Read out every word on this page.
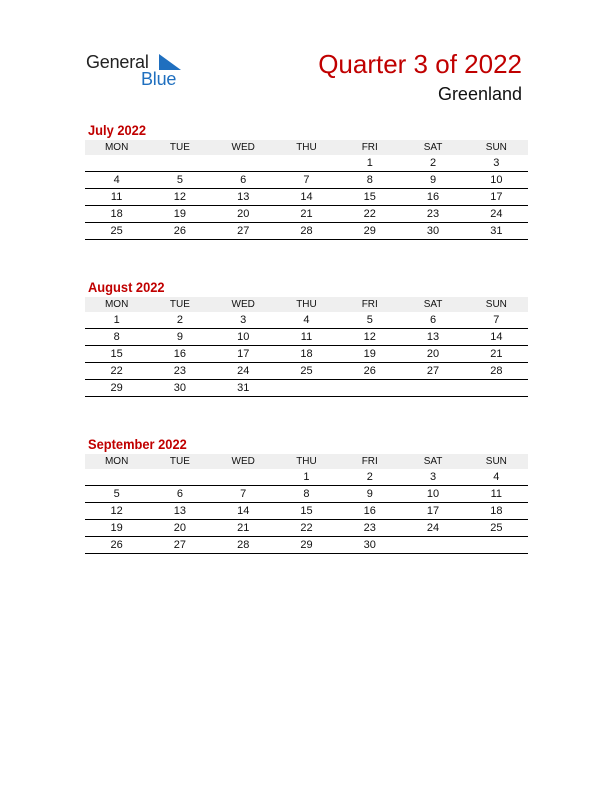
General
Blue	Quarter 3 of 2022
Greenland
July 2022
MON	TUE	WED	THU	FRI	SAT	SUN
				1	2	3
4	5	6	7	8	9	10
11	12	13	14	15	16	17
18	19	20	21	22	23	24
25	26	27	28	29	30	31
August 2022
MON	TUE	WED	THU	FRI	SAT	SUN
1	2	3	4	5	6	7
8	9	10	11	12	13	14
15	16	17	18	19	20	21
22	23	24	25	26	27	28
29	30	31				
September 2022
MON	TUE	WED	THU	FRI	SAT	SUN
			1	2	3	4
5	6	7	8	9	10	11
12	13	14	15	16	17	18
19	20	21	22	23	24	25
26	27	28	29	30		
